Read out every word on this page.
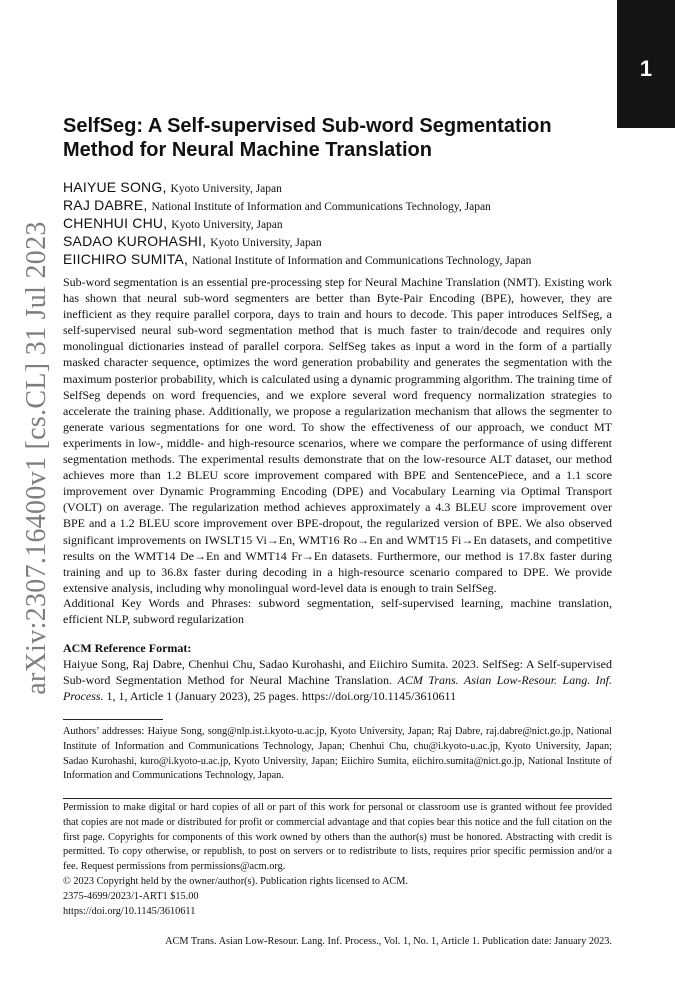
1
arXiv:2307.16400v1 [cs.CL] 31 Jul 2023
SelfSeg: A Self-supervised Sub-word Segmentation Method for Neural Machine Translation
HAIYUE SONG, Kyoto University, Japan
RAJ DABRE, National Institute of Information and Communications Technology, Japan
CHENHUI CHU, Kyoto University, Japan
SADAO KUROHASHI, Kyoto University, Japan
EIICHIRO SUMITA, National Institute of Information and Communications Technology, Japan
Sub-word segmentation is an essential pre-processing step for Neural Machine Translation (NMT). Existing work has shown that neural sub-word segmenters are better than Byte-Pair Encoding (BPE), however, they are inefficient as they require parallel corpora, days to train and hours to decode. This paper introduces SelfSeg, a self-supervised neural sub-word segmentation method that is much faster to train/decode and requires only monolingual dictionaries instead of parallel corpora. SelfSeg takes as input a word in the form of a partially masked character sequence, optimizes the word generation probability and generates the segmentation with the maximum posterior probability, which is calculated using a dynamic programming algorithm. The training time of SelfSeg depends on word frequencies, and we explore several word frequency normalization strategies to accelerate the training phase. Additionally, we propose a regularization mechanism that allows the segmenter to generate various segmentations for one word. To show the effectiveness of our approach, we conduct MT experiments in low-, middle- and high-resource scenarios, where we compare the performance of using different segmentation methods. The experimental results demonstrate that on the low-resource ALT dataset, our method achieves more than 1.2 BLEU score improvement compared with BPE and SentencePiece, and a 1.1 score improvement over Dynamic Programming Encoding (DPE) and Vocabulary Learning via Optimal Transport (VOLT) on average. The regularization method achieves approximately a 4.3 BLEU score improvement over BPE and a 1.2 BLEU score improvement over BPE-dropout, the regularized version of BPE. We also observed significant improvements on IWSLT15 Vi→En, WMT16 Ro→En and WMT15 Fi→En datasets, and competitive results on the WMT14 De→En and WMT14 Fr→En datasets. Furthermore, our method is 17.8x faster during training and up to 36.8x faster during decoding in a high-resource scenario compared to DPE. We provide extensive analysis, including why monolingual word-level data is enough to train SelfSeg.
Additional Key Words and Phrases: subword segmentation, self-supervised learning, machine translation, efficient NLP, subword regularization
ACM Reference Format:
Haiyue Song, Raj Dabre, Chenhui Chu, Sadao Kurohashi, and Eiichiro Sumita. 2023. SelfSeg: A Self-supervised Sub-word Segmentation Method for Neural Machine Translation. ACM Trans. Asian Low-Resour. Lang. Inf. Process. 1, 1, Article 1 (January 2023), 25 pages. https://doi.org/10.1145/3610611
Authors’ addresses: Haiyue Song, song@nlp.ist.i.kyoto-u.ac.jp, Kyoto University, Japan; Raj Dabre, raj.dabre@nict.go.jp, National Institute of Information and Communications Technology, Japan; Chenhui Chu, chu@i.kyoto-u.ac.jp, Kyoto University, Japan; Sadao Kurohashi, kuro@i.kyoto-u.ac.jp, Kyoto University, Japan; Eiichiro Sumita, eiichiro.sumita@nict.go.jp, National Institute of Information and Communications Technology, Japan.
Permission to make digital or hard copies of all or part of this work for personal or classroom use is granted without fee provided that copies are not made or distributed for profit or commercial advantage and that copies bear this notice and the full citation on the first page. Copyrights for components of this work owned by others than the author(s) must be honored. Abstracting with credit is permitted. To copy otherwise, or republish, to post on servers or to redistribute to lists, requires prior specific permission and/or a fee. Request permissions from permissions@acm.org.
© 2023 Copyright held by the owner/author(s). Publication rights licensed to ACM.
2375-4699/2023/1-ART1 $15.00
https://doi.org/10.1145/3610611
ACM Trans. Asian Low-Resour. Lang. Inf. Process., Vol. 1, No. 1, Article 1. Publication date: January 2023.
